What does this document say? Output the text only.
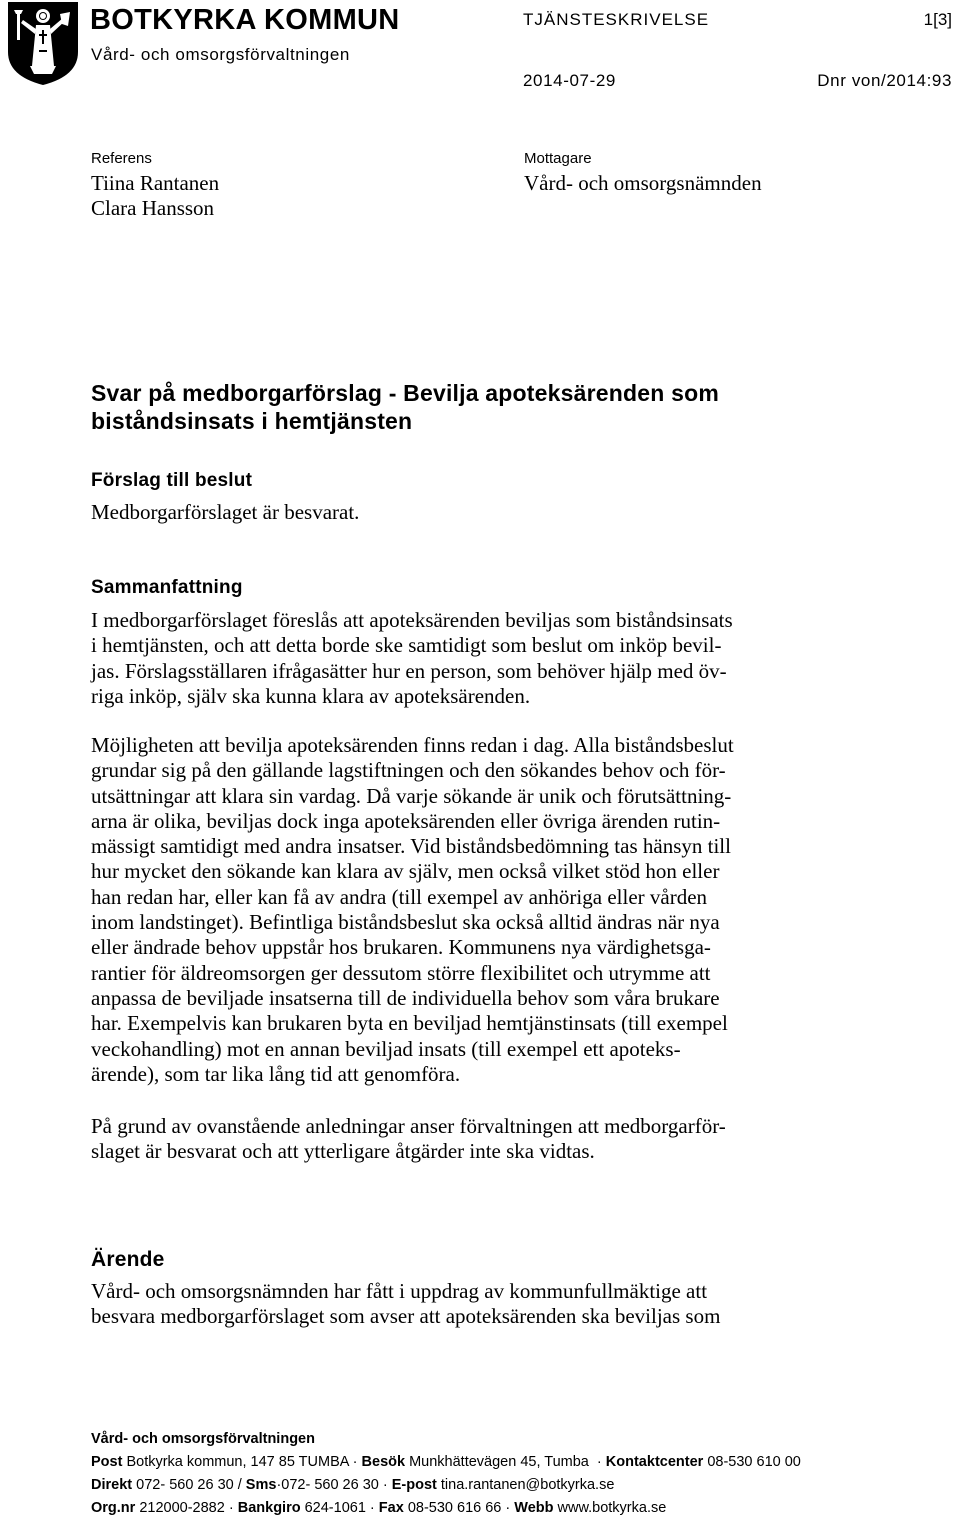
BOTKYRKA KOMMUN
Vård- och omsorgsförvaltningen
TJÄNSTESKRIVELSE	1[3]
2014-07-29	Dnr von/2014:93
Referens
Tiina Rantanen
Clara Hansson
Mottagare
Vård- och omsorgsnämnden
Svar på medborgarförslag - Bevilja apoteksärenden som
biståndsinsats i hemtjänsten
Förslag till beslut
Medborgarförslaget är besvarat.
Sammanfattning
I medborgarförslaget föreslås att apoteksärenden beviljas som biståndsinsats
i hemtjänsten, och att detta borde ske samtidigt som beslut om inköp bevil-
jas. Förslagsställaren ifrågasätter hur en person, som behöver hjälp med öv-
riga inköp, själv ska kunna klara av apoteksärenden.
Möjligheten att bevilja apoteksärenden finns redan i dag. Alla biståndsbeslut
grundar sig på den gällande lagstiftningen och den sökandes behov och för-
utsättningar att klara sin vardag. Då varje sökande är unik och förutsättning-
arna är olika, beviljas dock inga apoteksärenden eller övriga ärenden rutin-
mässigt samtidigt med andra insatser. Vid biståndsbedömning tas hänsyn till
hur mycket den sökande kan klara av själv, men också vilket stöd hon eller
han redan har, eller kan få av andra (till exempel av anhöriga eller vården
inom landstinget). Befintliga biståndsbeslut ska också alltid ändras när nya
eller ändrade behov uppstår hos brukaren. Kommunens nya värdighetsga-
rantier för äldreomsorgen ger dessutom större flexibilitet och utrymme att
anpassa de beviljade insatserna till de individuella behov som våra brukare
har. Exempelvis kan brukaren byta en beviljad hemtjänstinsats (till exempel
veckohandling) mot en annan beviljad insats (till exempel ett apoteks-
ärende), som tar lika lång tid att genomföra.
På grund av ovanstående anledningar anser förvaltningen att medborgarför-
slaget är besvarat och att ytterligare åtgärder inte ska vidtas.
Ärende
Vård- och omsorgsnämnden har fått i uppdrag av kommunfullmäktige att
besvara medborgarförslaget som avser att apoteksärenden ska beviljas som
Vård- och omsorgsförvaltningen
Post Botkyrka kommun, 147 85 TUMBA · Besök Munkhättevägen 45, Tumba · Kontaktcenter 08-530 610 00
Direkt 072- 560 26 30 / Sms·072- 560 26 30 · E-post tina.rantanen@botkyrka.se
Org.nr 212000-2882 · Bankgiro 624-1061 · Fax 08-530 616 66 · Webb www.botkyrka.se
